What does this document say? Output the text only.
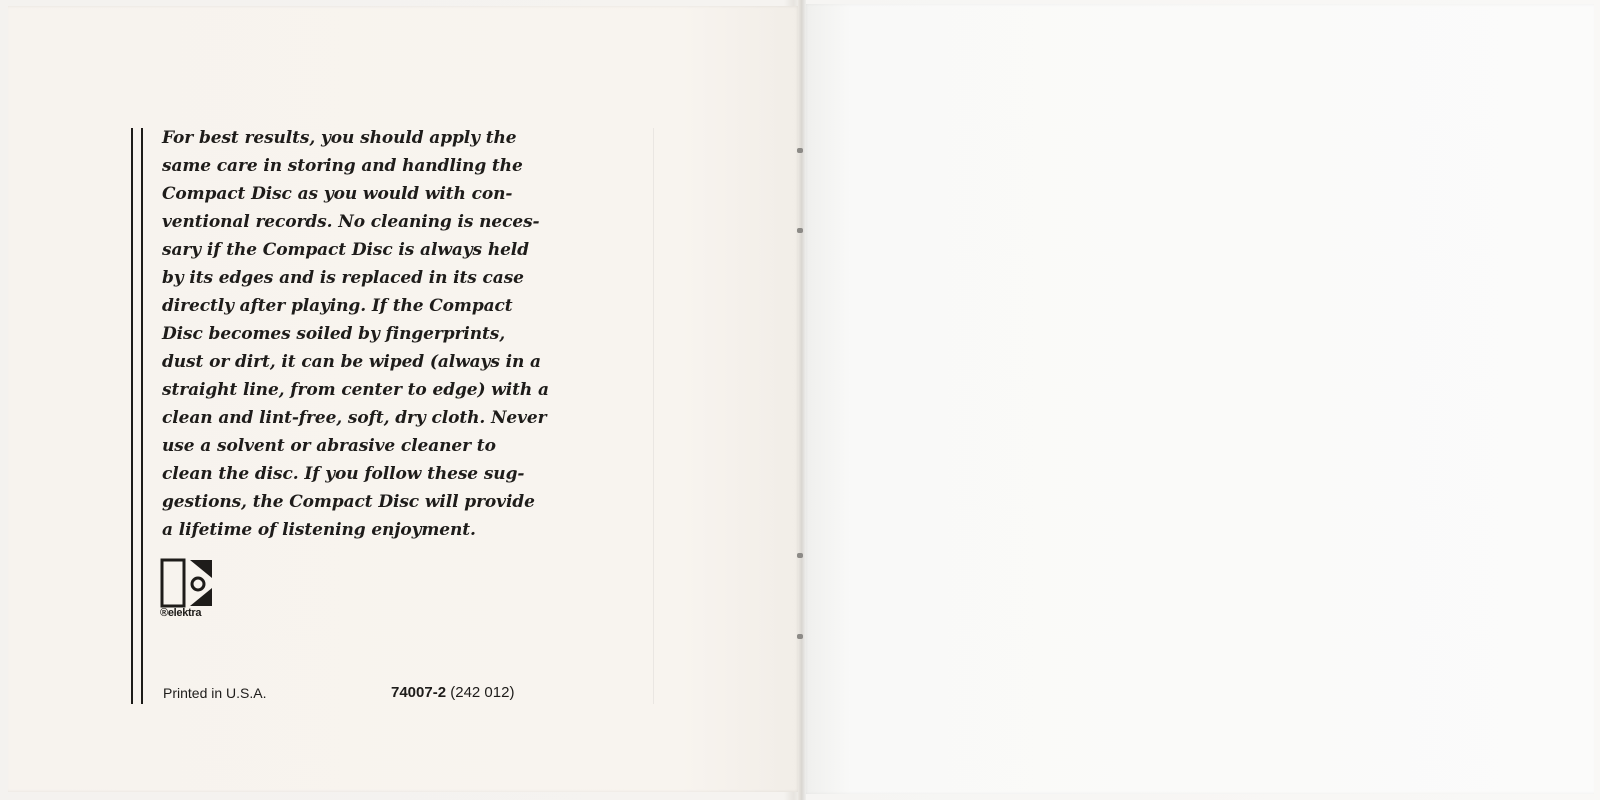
For best results, you should apply the
same care in storing and handling the
Compact Disc as you would with con-
ventional records. No cleaning is neces-
sary if the Compact Disc is always held
by its edges and is replaced in its case
directly after playing. If the Compact
Disc becomes soiled by fingerprints,
dust or dirt, it can be wiped (always in a
straight line, from center to edge) with a
clean and lint-free, soft, dry cloth. Never
use a solvent or abrasive cleaner to
clean the disc. If you follow these sug-
gestions, the Compact Disc will provide
a lifetime of listening enjoyment.

®elektra
Printed in U.S.A.	74007-2 (242 012)
